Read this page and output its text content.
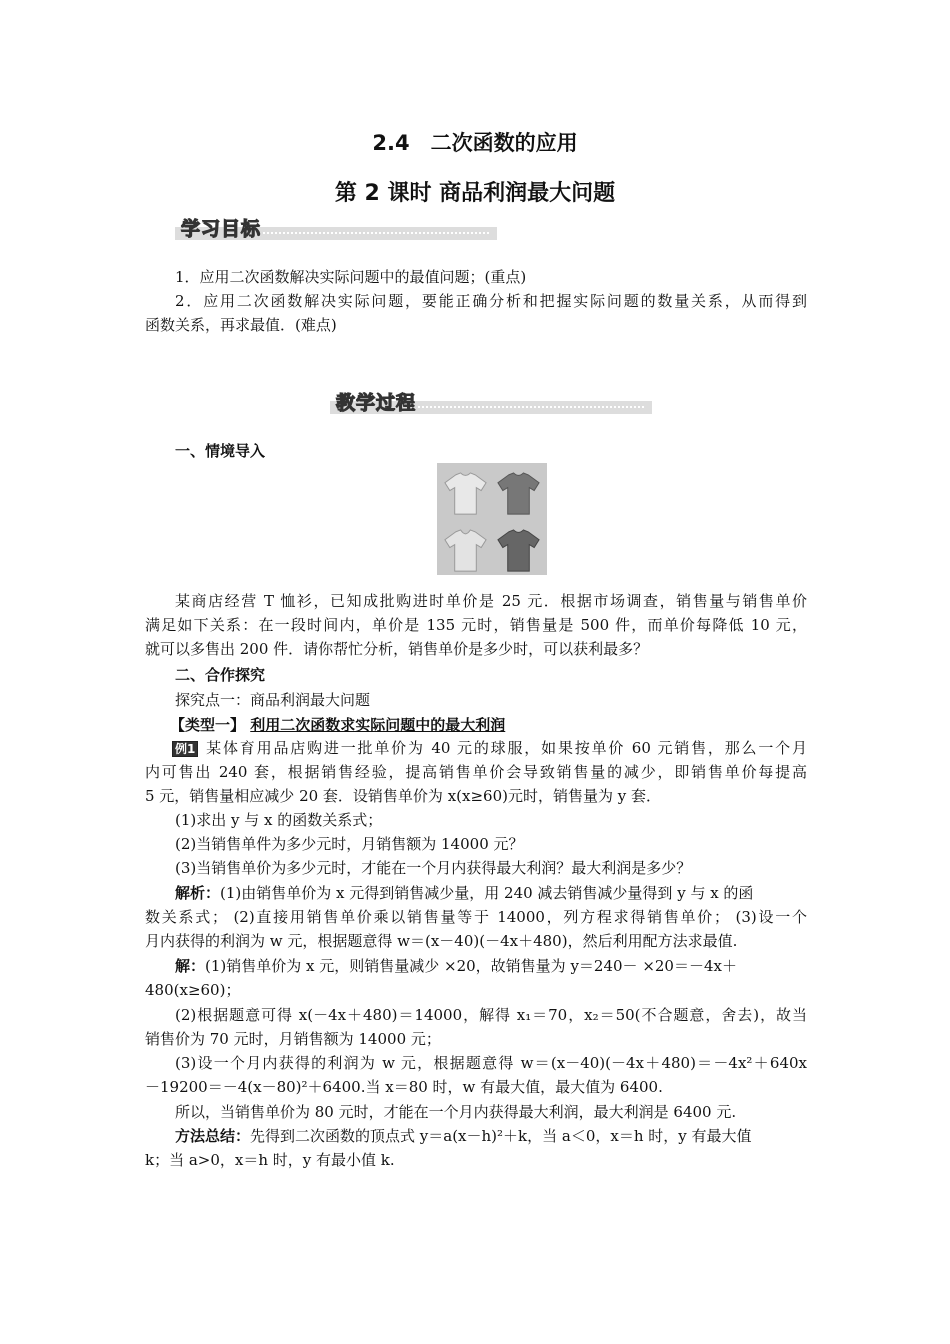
2.4　二次函数的应用
第 2 课时 商品利润最大问题
学习目标
1．应用二次函数解决实际问题中的最值问题；(重点)
2．应用二次函数解决实际问题，要能正确分析和把握实际问题的数量关系，从而得到
函数关系，再求最值．(难点)
教学过程
一、情境导入
某商店经营 T 恤衫，已知成批购进时单价是 25 元．根据市场调查，销售量与销售单价
满足如下关系：在一段时间内，单价是 135 元时，销售量是 500 件，而单价每降低 10 元，
就可以多售出 200 件．请你帮忙分析，销售单价是多少时，可以获利最多？
二、合作探究
探究点一：商品利润最大问题
【类型一】 利用二次函数求实际问题中的最大利润
例1 某体育用品店购进一批单价为 40 元的球服，如果按单价 60 元销售，那么一个月
内可售出 240 套，根据销售经验，提高销售单价会导致销售量的减少，即销售单价每提高
5 元，销售量相应减少 20 套．设销售单价为 x(x≥60)元时，销售量为 y 套．
(1)求出 y 与 x 的函数关系式；
(2)当销售单件为多少元时，月销售额为 14000 元？
(3)当销售单价为多少元时，才能在一个月内获得最大利润？最大利润是多少？
解析：(1)由销售单价为 x 元得到销售减少量，用 240 减去销售减少量得到 y 与 x 的函
数关系式； (2)直接用销售单价乘以销售量等于 14000，列方程求得销售单价； (3)设一个
月内获得的利润为 w 元，根据题意得 w＝(x－40)(－4x＋480)，然后利用配方法求最值.
解：(1)销售单价为 x 元，则销售量减少 ×20，故销售量为 y＝240－ ×20＝－4x＋
480(x≥60)；
(2)根据题意可得 x(－4x＋480)＝14000，解得 x₁＝70，x₂＝50(不合题意，舍去)，故当
销售价为 70 元时，月销售额为 14000 元；
(3)设一个月内获得的利润为 w 元，根据题意得 w＝(x－40)(－4x＋480)＝－4x²＋640x
－19200＝－4(x－80)²＋6400.当 x＝80 时，w 有最大值，最大值为 6400.
所以，当销售单价为 80 元时，才能在一个月内获得最大利润，最大利润是 6400 元.
方法总结：先得到二次函数的顶点式 y＝a(x－h)²＋k，当 a＜0，x＝h 时，y 有最大值
k；当 a>0，x＝h 时，y 有最小值 k.
